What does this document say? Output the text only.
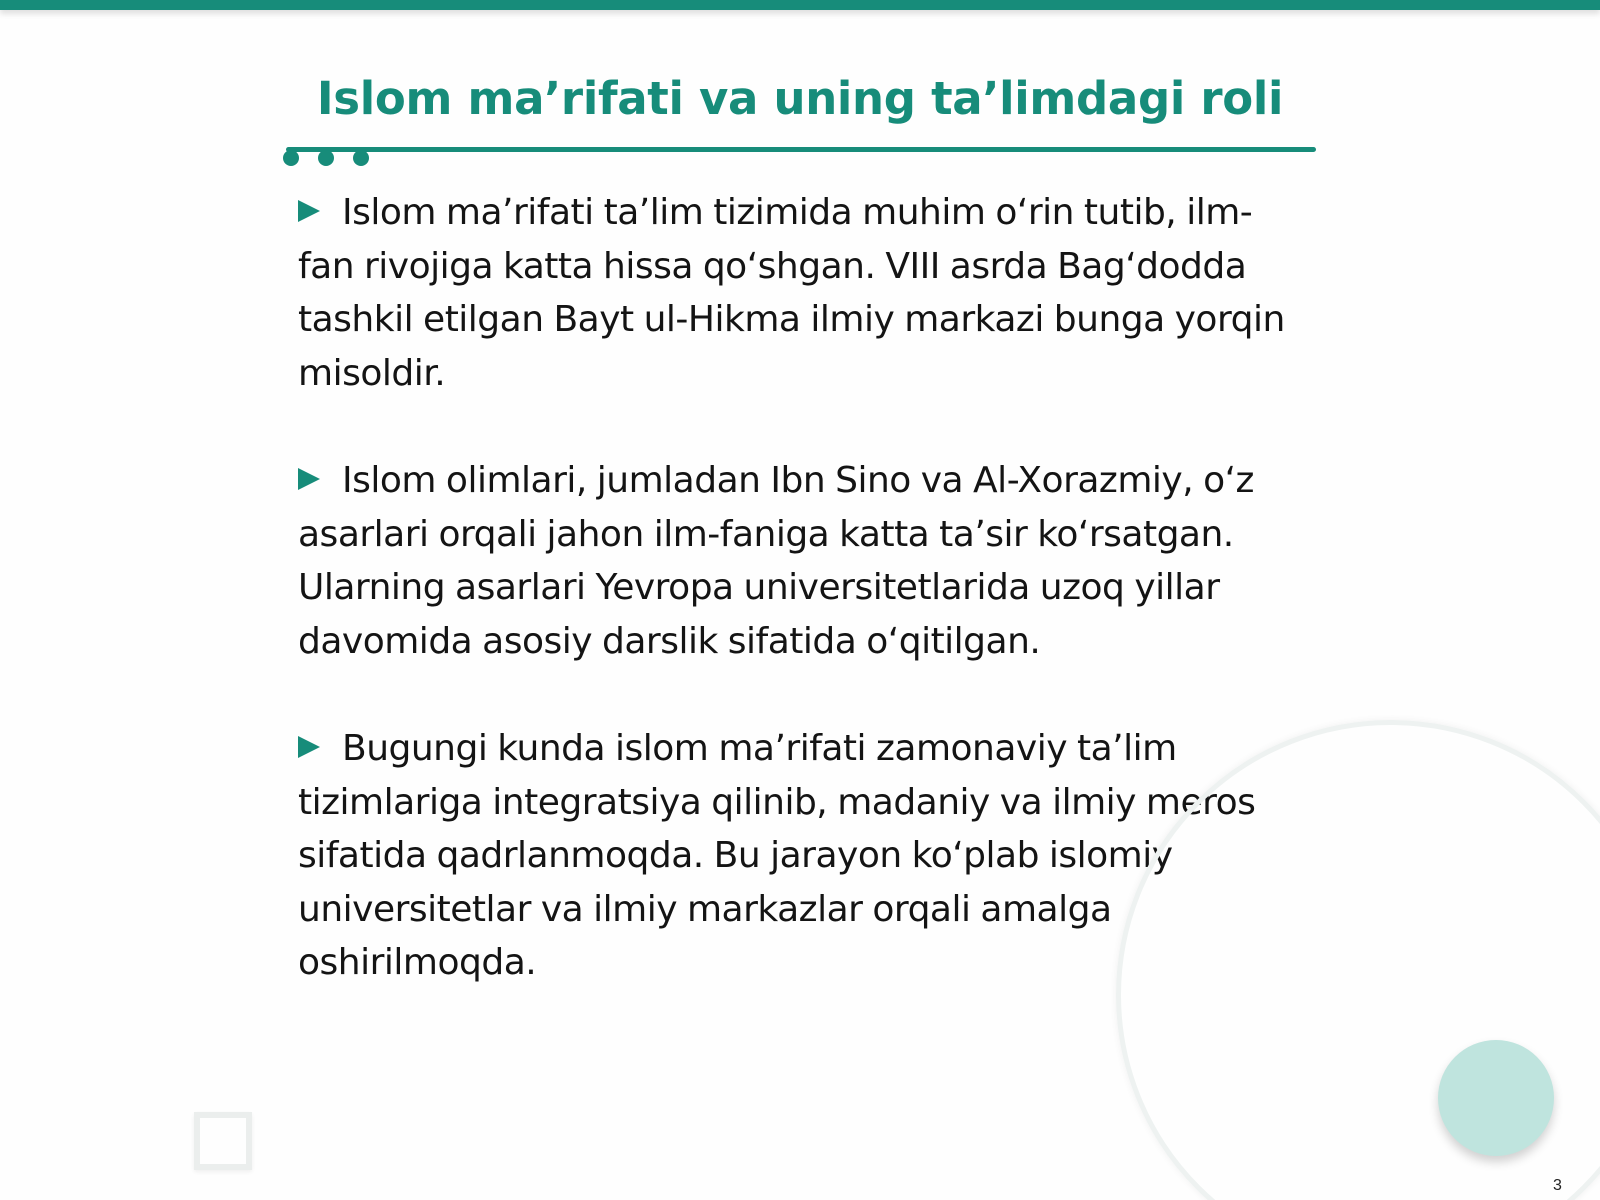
Islom ma’rifati va uning ta’limdagi roli

Islom ma’rifati ta’lim tizimida muhim o‘rin tutib, ilm-fan rivojiga katta hissa qo‘shgan. VIII asrda Bag‘dodda tashkil etilgan Bayt ul-Hikma ilmiy markazi bunga yorqin misoldir.

Islom olimlari, jumladan Ibn Sino va Al-Xorazmiy, o‘z asarlari orqali jahon ilm-faniga katta ta’sir ko‘rsatgan. Ularning asarlari Yevropa universitetlarida uzoq yillar davomida asosiy darslik sifatida o‘qitilgan.

Bugungi kunda islom ma’rifati zamonaviy ta’lim tizimlariga integratsiya qilinib, madaniy va ilmiy meros sifatida qadrlanmoqda. Bu jarayon ko‘plab islomiy universitetlar va ilmiy markazlar orqali amalga oshirilmoqda.

3
